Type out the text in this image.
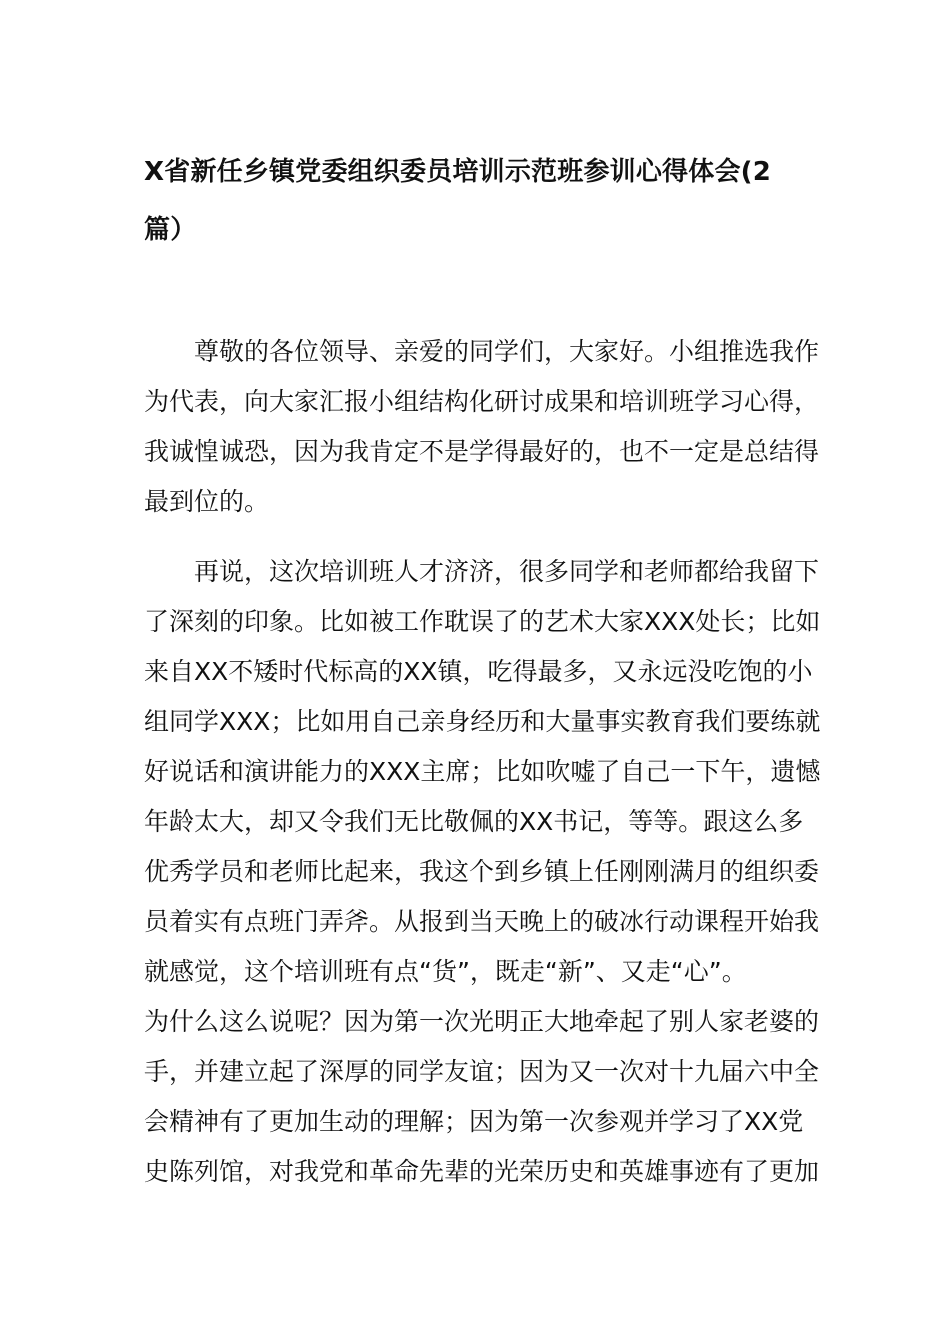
X省新任乡镇党委组织委员培训示范班参训心得体会(2
篇）
尊敬的各位领导、亲爱的同学们，大家好。小组推选我作
为代表，向大家汇报小组结构化研讨成果和培训班学习心得，
我诚惶诚恐，因为我肯定不是学得最好的，也不一定是总结得
最到位的。
再说，这次培训班人才济济，很多同学和老师都给我留下
了深刻的印象。比如被工作耽误了的艺术大家XXX处长；比如
来自XX不矮时代标高的XX镇，吃得最多，又永远没吃饱的小
组同学XXX；比如用自己亲身经历和大量事实教育我们要练就
好说话和演讲能力的XXX主席；比如吹嘘了自己一下午，遗憾
年龄太大，却又令我们无比敬佩的XX书记，等等。跟这么多
优秀学员和老师比起来，我这个到乡镇上任刚刚满月的组织委
员着实有点班门弄斧。从报到当天晚上的破冰行动课程开始我
就感觉，这个培训班有点“货”，既走“新”、又走“心”。
为什么这么说呢？因为第一次光明正大地牵起了别人家老婆的
手，并建立起了深厚的同学友谊；因为又一次对十九届六中全
会精神有了更加生动的理解；因为第一次参观并学习了XX党
史陈列馆，对我党和革命先辈的光荣历史和英雄事迹有了更加
